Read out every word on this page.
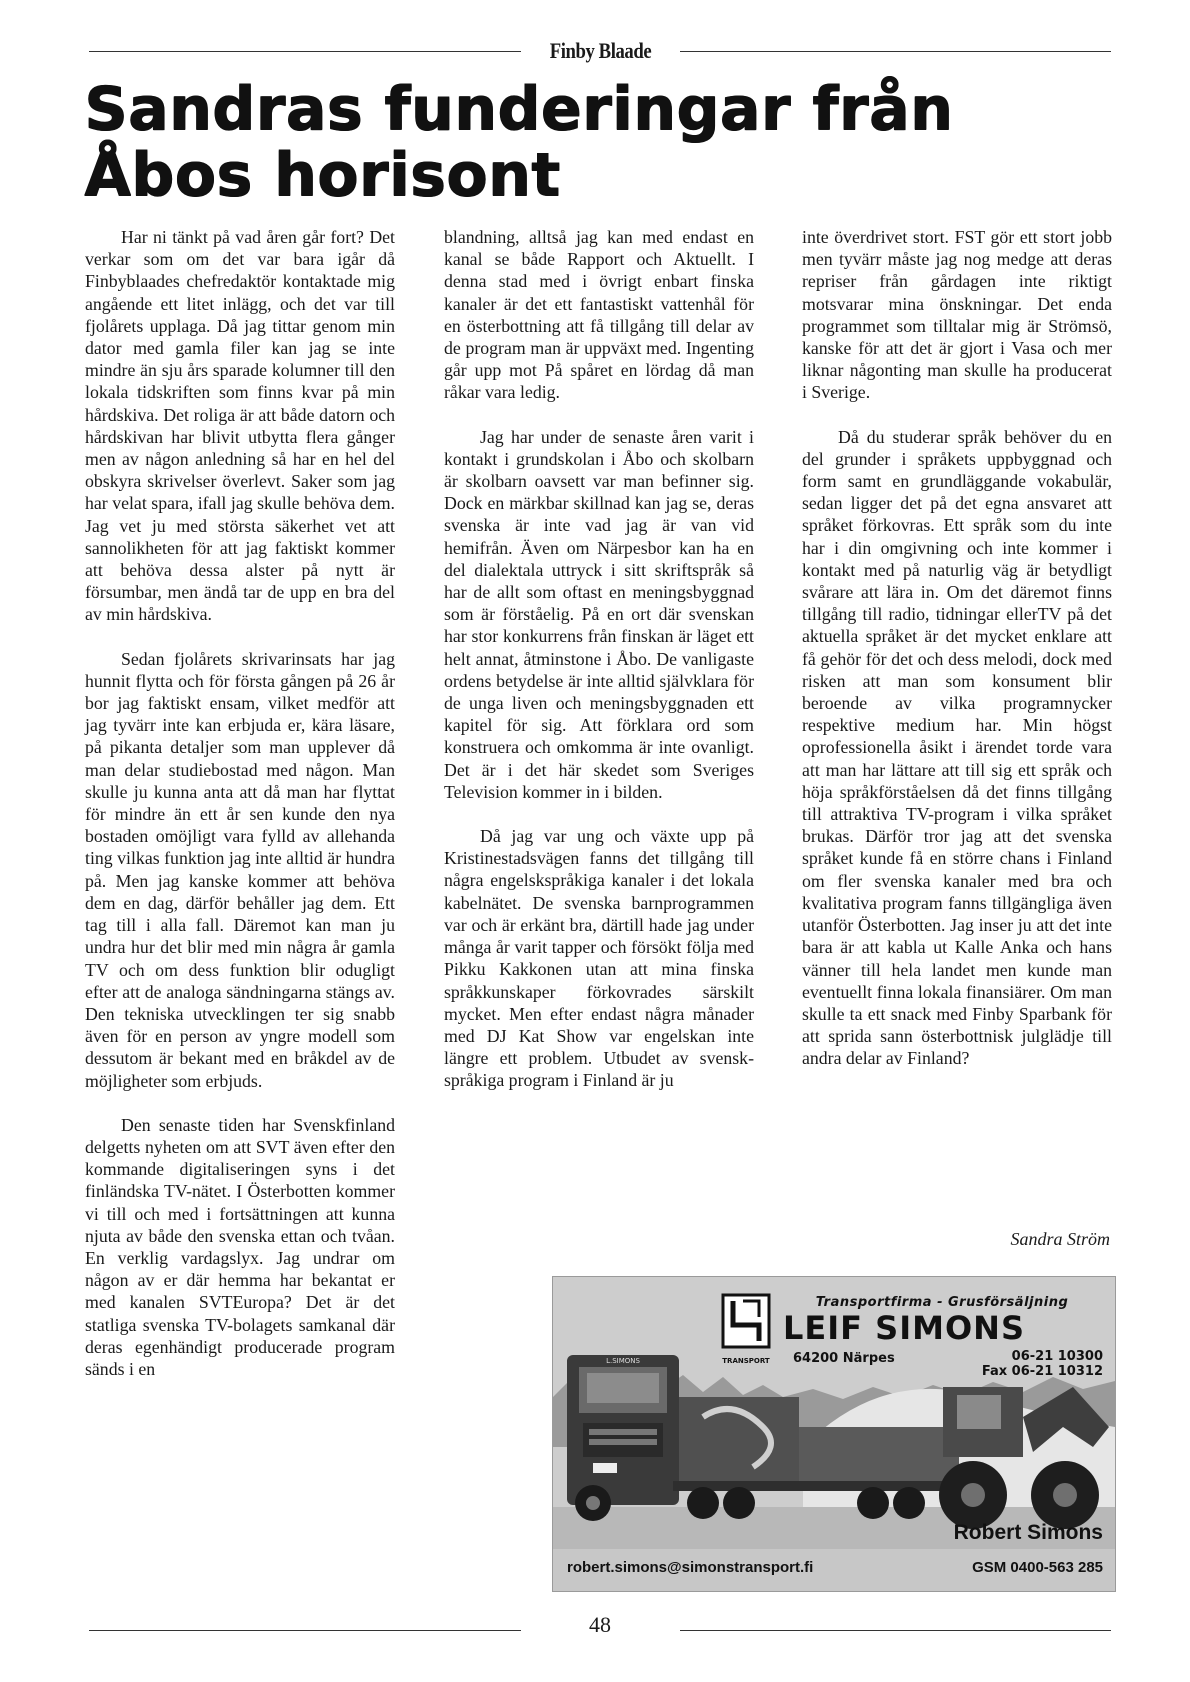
Finby Blaade
Sandras funderingar från Åbos horisont

Har ni tänkt på vad åren går fort? Det verkar som om det var bara igår då Finbyblaades chefredaktör kontaktade mig angående ett litet inlägg, och det var till fjolårets upplaga. Då jag tittar genom min dator med gamla filer kan jag se inte mindre än sju års sparade kolumner till den lokala tidskriften som finns kvar på min hårdskiva. Det roliga är att både datorn och hårdskivan har blivit utbytta flera gånger men av någon anledning så har en hel del obskyra skrivelser överlevt. Saker som jag har velat spara, ifall jag skulle behöva dem. Jag vet ju med största säkerhet vet att sannolikheten för att jag faktiskt kommer att behöva dessa alster på nytt är försumbar, men ändå tar de upp en bra del av min hårdskiva.

Sedan fjolårets skrivarinsats har jag hunnit flytta och för första gången på 26 år bor jag faktiskt ensam, vilket medför att jag tyvärr inte kan erbjuda er, kära läsare, på pikanta detaljer som man upplever då man delar studiebostad med någon. Man skulle ju kunna anta att då man har flyttat för mindre än ett år sen kunde den nya bostaden omöjligt vara fylld av allehanda ting vilkas funktion jag inte alltid är hundra på. Men jag kanske kommer att behöva dem en dag, därför behåller jag dem. Ett tag till i alla fall. Däremot kan man ju undra hur det blir med min några år gamla TV och om dess funktion blir odugligt efter att de analoga sändningarna stängs av. Den tekniska utvecklingen ter sig snabb även för en person av yngre modell som dessutom är bekant med en bråkdel av de möjligheter som erbjuds.

Den senaste tiden har Svenskfinland delgetts nyheten om att SVT även efter den kommande digitaliseringen syns i det finländska TV-nätet. I Österbotten kommer vi till och med i fortsättningen att kunna njuta av både den svenska ettan och tvåan. En verklig vardagslyx. Jag undrar om någon av er där hemma har bekantat er med kanalen SVTEuropa? Det är det statliga svenska TV-bolagets samkanal där deras egenhändigt producerade program sänds i en

blandning, alltså jag kan med endast en kanal se både Rapport och Aktuellt. I denna stad med i övrigt enbart finska kanaler är det ett fantastiskt vattenhål för en österbottning att få tillgång till delar av de program man är uppväxt med. Ingenting går upp mot På spåret en lördag då man råkar vara ledig.

Jag har under de senaste åren varit i kontakt i grundskolan i Åbo och skolbarn är skolbarn oavsett var man befinner sig. Dock en märkbar skillnad kan jag se, deras svenska är inte vad jag är van vid hemifrån. Även om Närpesbor kan ha en del dialektala uttryck i sitt skriftspråk så har de allt som oftast en meningsbyggnad som är förståelig. På en ort där svenskan har stor konkurrens från finskan är läget ett helt annat, åtminstone i Åbo. De vanligaste ordens betydelse är inte alltid självklara för de unga liven och meningsbyggnaden ett kapitel för sig. Att förklara ord som konstruera och omkomma är inte ovanligt. Det är i det här skedet som Sveriges Television kommer in i bilden.

Då jag var ung och växte upp på Kristinestadsvägen fanns det tillgång till några engelskspråkiga kanaler i det lokala kabelnätet. De svenska barnprogrammen var och är erkänt bra, därtill hade jag under många år varit tapper och försökt följa med Pikku Kakkonen utan att mina finska språkkunskaper förkovrades särskilt mycket. Men efter endast några månader med DJ Kat Show var engelskan inte längre ett problem. Utbudet av svensk-språkiga program i Finland är ju

inte överdrivet stort. FST gör ett stort jobb men tyvärr måste jag nog medge att deras repriser från gårdagen inte riktigt motsvarar mina önskningar. Det enda programmet som tilltalar mig är Strömsö, kanske för att det är gjort i Vasa och mer liknar någonting man skulle ha producerat i Sverige.

Då du studerar språk behöver du en del grunder i språkets uppbyggnad och form samt en grundläggande vokabulär, sedan ligger det på det egna ansvaret att språket förkovras. Ett språk som du inte har i din omgivning och inte kommer i kontakt med på naturlig väg är betydligt svårare att lära in. Om det däremot finns tillgång till radio, tidningar ellerTV på det aktuella språket är det mycket enklare att få gehör för det och dess melodi, dock med risken att man som konsument blir beroende av vilka programnycker respektive medium har. Min högst oprofessionella åsikt i ärendet torde vara att man har lättare att till sig ett språk och höja språkförståelsen då det finns tillgång till attraktiva TV-program i vilka språket brukas. Därför tror jag att det svenska språket kunde få en större chans i Finland om fler svenska kanaler med bra och kvalitativa program fanns tillgängliga även utanför Österbotten. Jag inser ju att det inte bara är att kabla ut Kalle Anka och hans vänner till hela landet men kunde man eventuellt finna lokala finansiärer. Om man skulle ta ett snack med Finby Sparbank för att sprida sann österbottnisk julglädje till andra delar av Finland?

Sandra Ström
TRANSPORT
L.SIMONS
Transportfirma - Grusförsäljning
LEIF SIMONS
64200 Närpes	06-21 10300
Fax 06-21 10312
Robert Simons
robert.simons@simonstransport.fi	GSM 0400-563 285
48
